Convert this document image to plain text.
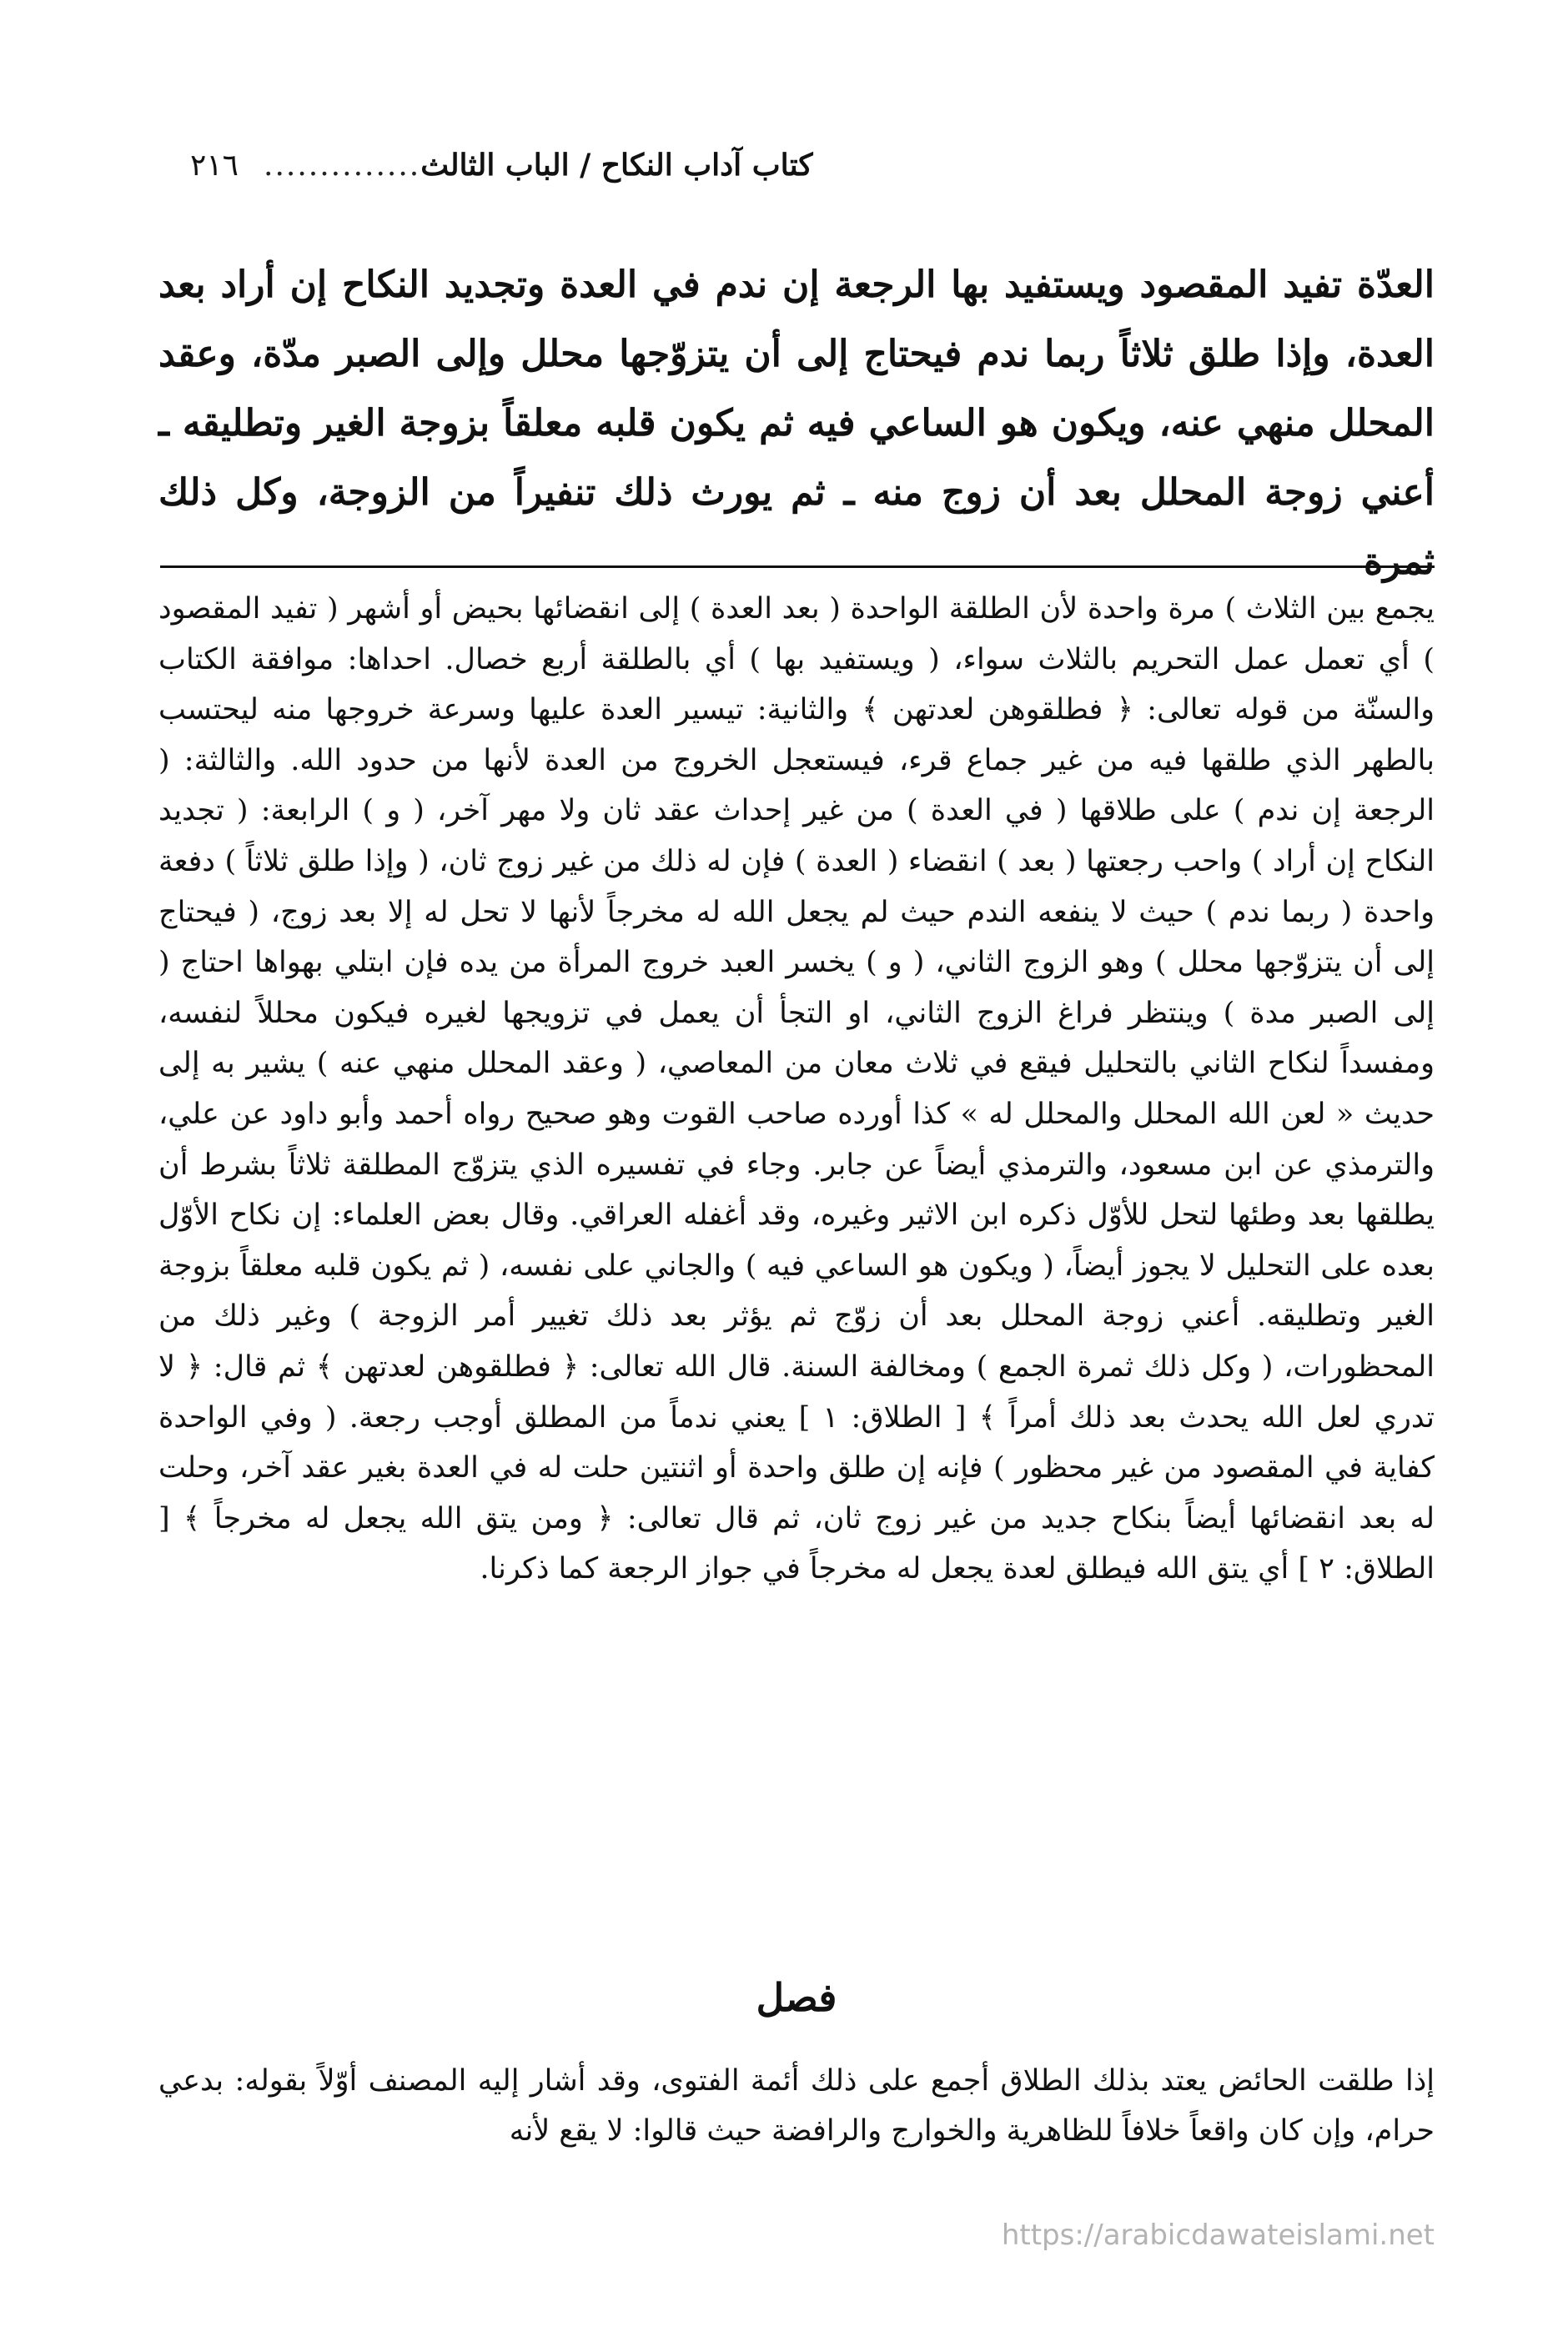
٢١٦ .............. كتاب آداب النكاح / الباب الثالث

العدّة تفيد المقصود ويستفيد بها الرجعة إن ندم في العدة وتجديد النكاح إن أراد بعد العدة، وإذا طلق ثلاثاً ربما ندم فيحتاج إلى أن يتزوّجها محلل وإلى الصبر مدّة، وعقد المحلل منهي عنه، ويكون هو الساعي فيه ثم يكون قلبه معلقاً بزوجة الغير وتطليقه ـ أعني زوجة المحلل بعد أن زوج منه ـ ثم يورث ذلك تنفيراً من الزوجة، وكل ذلك ثمرة

يجمع بين الثلاث ) مرة واحدة لأن الطلقة الواحدة ( بعد العدة ) إلى انقضائها بحيض أو أشهر ( تفيد المقصود ) أي تعمل عمل التحريم بالثلاث سواء، ( ويستفيد بها ) أي بالطلقة أربع خصال. احداها: موافقة الكتاب والسنّة من قوله تعالى: ﴿ فطلقوهن لعدتهن ﴾ والثانية: تيسير العدة عليها وسرعة خروجها منه ليحتسب بالطهر الذي طلقها فيه من غير جماع قرء، فيستعجل الخروج من العدة لأنها من حدود الله. والثالثة: ( الرجعة إن ندم ) على طلاقها ( في العدة ) من غير إحداث عقد ثان ولا مهر آخر، ( و ) الرابعة: ( تجديد النكاح إن أراد ) واحب رجعتها ( بعد ) انقضاء ( العدة ) فإن له ذلك من غير زوج ثان، ( وإذا طلق ثلاثاً ) دفعة واحدة ( ربما ندم ) حيث لا ينفعه الندم حيث لم يجعل الله له مخرجاً لأنها لا تحل له إلا بعد زوج، ( فيحتاج إلى أن يتزوّجها محلل ) وهو الزوج الثاني، ( و ) يخسر العبد خروج المرأة من يده فإن ابتلي بهواها احتاج ( إلى الصبر مدة ) وينتظر فراغ الزوج الثاني، او التجأ أن يعمل في تزويجها لغيره فيكون محللاً لنفسه، ومفسداً لنكاح الثاني بالتحليل فيقع في ثلاث معان من المعاصي، ( وعقد المحلل منهي عنه ) يشير به إلى حديث « لعن الله المحلل والمحلل له » كذا أورده صاحب القوت وهو صحيح رواه أحمد وأبو داود عن علي، والترمذي عن ابن مسعود، والترمذي أيضاً عن جابر. وجاء في تفسيره الذي يتزوّج المطلقة ثلاثاً بشرط أن يطلقها بعد وطئها لتحل للأوّل ذكره ابن الاثير وغيره، وقد أغفله العراقي. وقال بعض العلماء: إن نكاح الأوّل بعده على التحليل لا يجوز أيضاً، ( ويكون هو الساعي فيه ) والجاني على نفسه، ( ثم يكون قلبه معلقاً بزوجة الغير وتطليقه. أعني زوجة المحلل بعد أن زوّج ثم يؤثر بعد ذلك تغيير أمر الزوجة ) وغير ذلك من المحظورات، ( وكل ذلك ثمرة الجمع ) ومخالفة السنة. قال الله تعالى: ﴿ فطلقوهن لعدتهن ﴾ ثم قال: ﴿ لا تدري لعل الله يحدث بعد ذلك أمراً ﴾ [ الطلاق: ١ ] يعني ندماً من المطلق أوجب رجعة. ( وفي الواحدة كفاية في المقصود من غير محظور ) فإنه إن طلق واحدة أو اثنتين حلت له في العدة بغير عقد آخر، وحلت له بعد انقضائها أيضاً بنكاح جديد من غير زوج ثان، ثم قال تعالى: ﴿ ومن يتق الله يجعل له مخرجاً ﴾ [ الطلاق: ٢ ] أي يتق الله فيطلق لعدة يجعل له مخرجاً في جواز الرجعة كما ذكرنا.

فصل

إذا طلقت الحائض يعتد بذلك الطلاق أجمع على ذلك أئمة الفتوى، وقد أشار إليه المصنف أوّلاً بقوله: بدعي حرام، وإن كان واقعاً خلافاً للظاهرية والخوارج والرافضة حيث قالوا: لا يقع لأنه

https://arabicdawateislami.net
